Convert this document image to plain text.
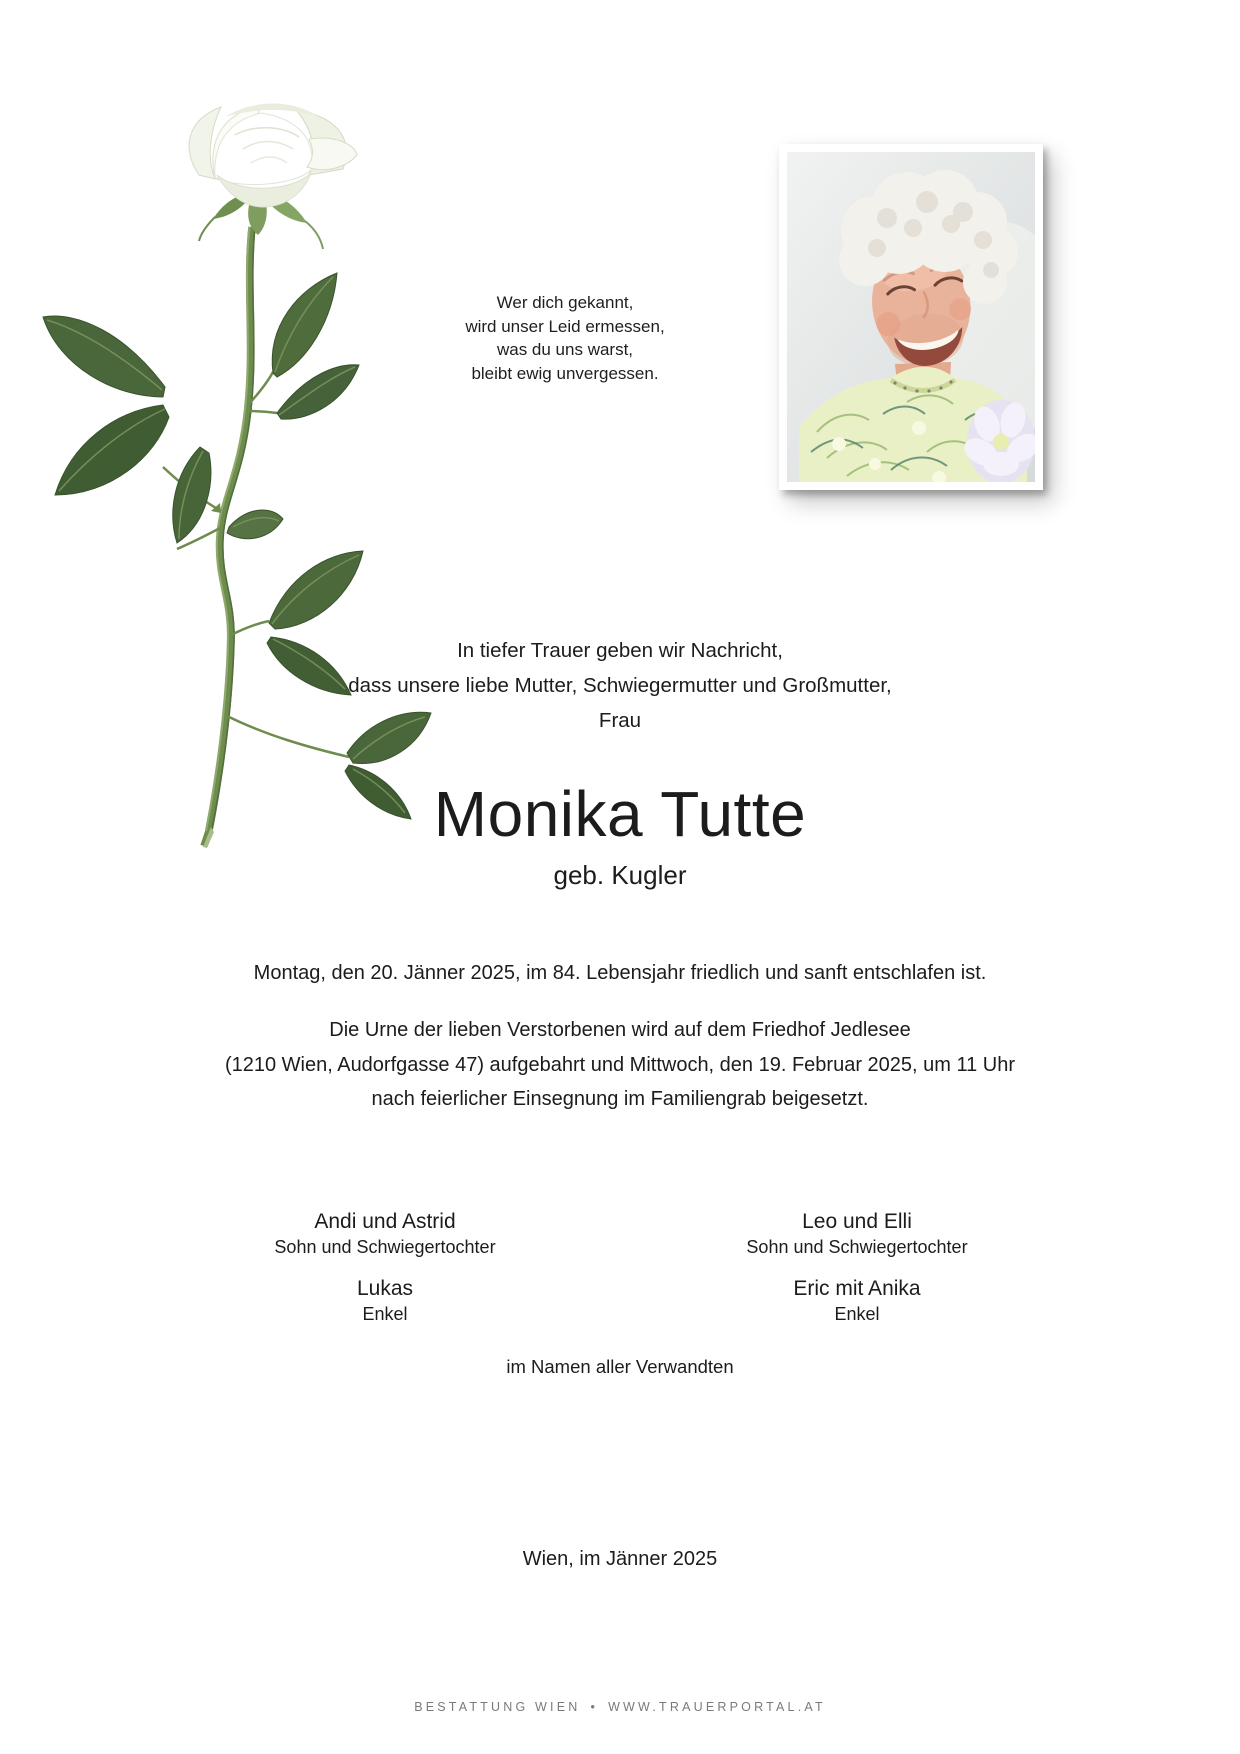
Wer dich gekannt,
wird unser Leid ermessen,
was du uns warst,
bleibt ewig unvergessen.
In tiefer Trauer geben wir Nachricht,
dass unsere liebe Mutter, Schwiegermutter und Großmutter,
Frau
Monika Tutte
geb. Kugler
Montag, den 20. Jänner 2025, im 84. Lebensjahr friedlich und sanft entschlafen ist.
Die Urne der lieben Verstorbenen wird auf dem Friedhof Jedlesee
(1210 Wien, Audorfgasse 47) aufgebahrt und Mittwoch, den 19. Februar 2025, um 11 Uhr
nach feierlicher Einsegnung im Familiengrab beigesetzt.
Andi und Astrid
Sohn und Schwiegertochter
Lukas
Enkel
Leo und Elli
Sohn und Schwiegertochter
Eric mit Anika
Enkel
im Namen aller Verwandten
Wien, im Jänner 2025
BESTATTUNG WIEN • WWW.TRAUERPORTAL.AT
